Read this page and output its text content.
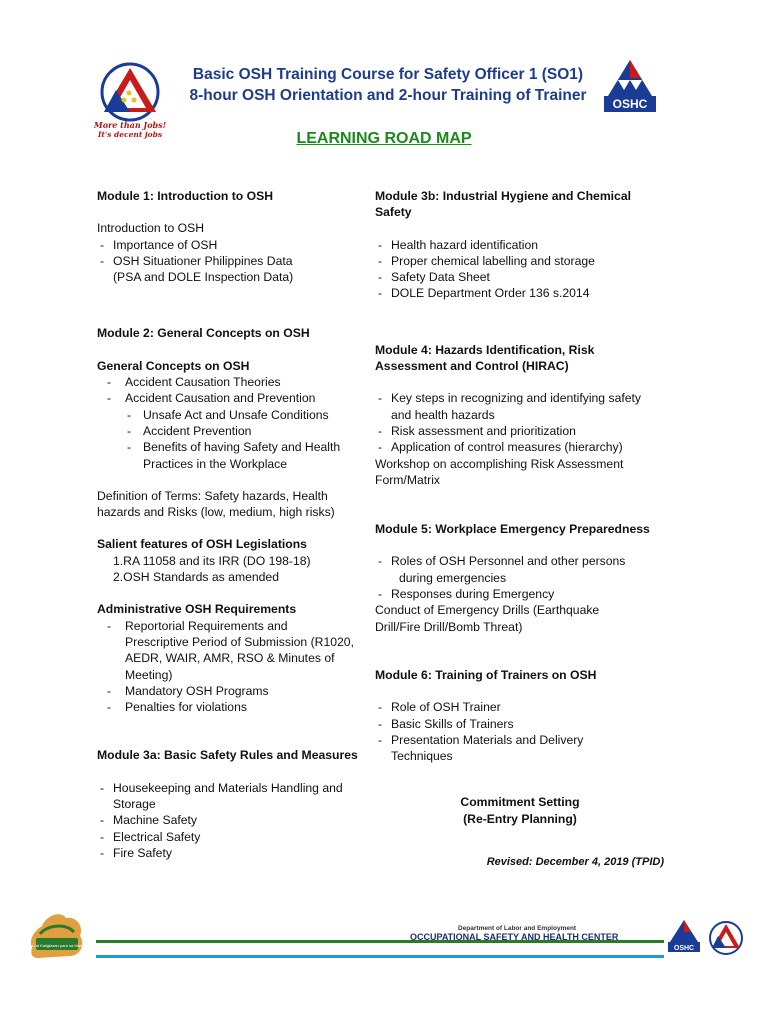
More than Jobs!
It's decent jobs
Basic OSH Training Course for Safety Officer 1 (SO1)
8-hour OSH Orientation and 2-hour Training of Trainer	OSHC
LEARNING ROAD MAP
Module 1: Introduction to OSH
Introduction to OSH
- Importance of OSH
- OSH Situationer Philippines Data
(PSA and DOLE Inspection Data)
Module 2: General Concepts on OSH
General Concepts on OSH
- Accident Causation Theories
- Accident Causation and Prevention
- Unsafe Act and Unsafe Conditions
- Accident Prevention
- Benefits of having Safety and Health
Practices in the Workplace
Definition of Terms: Safety hazards, Health
hazards and Risks (low, medium, high risks)
Salient features of OSH Legislations
1.RA 11058 and its IRR (DO 198-18)
2.OSH Standards as amended
Administrative OSH Requirements
- Reportorial Requirements and
Prescriptive Period of Submission (R1020,
AEDR, WAIR, AMR, RSO & Minutes of
Meeting)
- Mandatory OSH Programs
- Penalties for violations
Module 3a: Basic Safety Rules and Measures
- Housekeeping and Materials Handling and
Storage
- Machine Safety
- Electrical Safety
- Fire Safety
Module 3b: Industrial Hygiene and Chemical
Safety
- Health hazard identification
- Proper chemical labelling and storage
- Safety Data Sheet
- DOLE Department Order 136 s.2014
Module 4: Hazards Identification, Risk
Assessment and Control (HIRAC)
- Key steps in recognizing and identifying safety
and health hazards
- Risk assessment and prioritization
- Application of control measures (hierarchy)
Workshop on accomplishing Risk Assessment
Form/Matrix
Module 5: Workplace Emergency Preparedness
- Roles of OSH Personnel and other persons
during emergencies
- Responses during Emergency
Conduct of Emergency Drills (Earthquake
Drill/Fire Drill/Bomb Threat)
Module 6: Training of Trainers on OSH
- Role of OSH Trainer
- Basic Skills of Trainers
- Presentation Materials and Delivery
Techniques
Commitment Setting
(Re-Entry Planning)
Revised: December 4, 2019 (TPID)
Kalusugan at Kaligtasan para sa Manggagawa
Department of Labor and Employment
OCCUPATIONAL SAFETY AND HEALTH CENTER
OSHC
